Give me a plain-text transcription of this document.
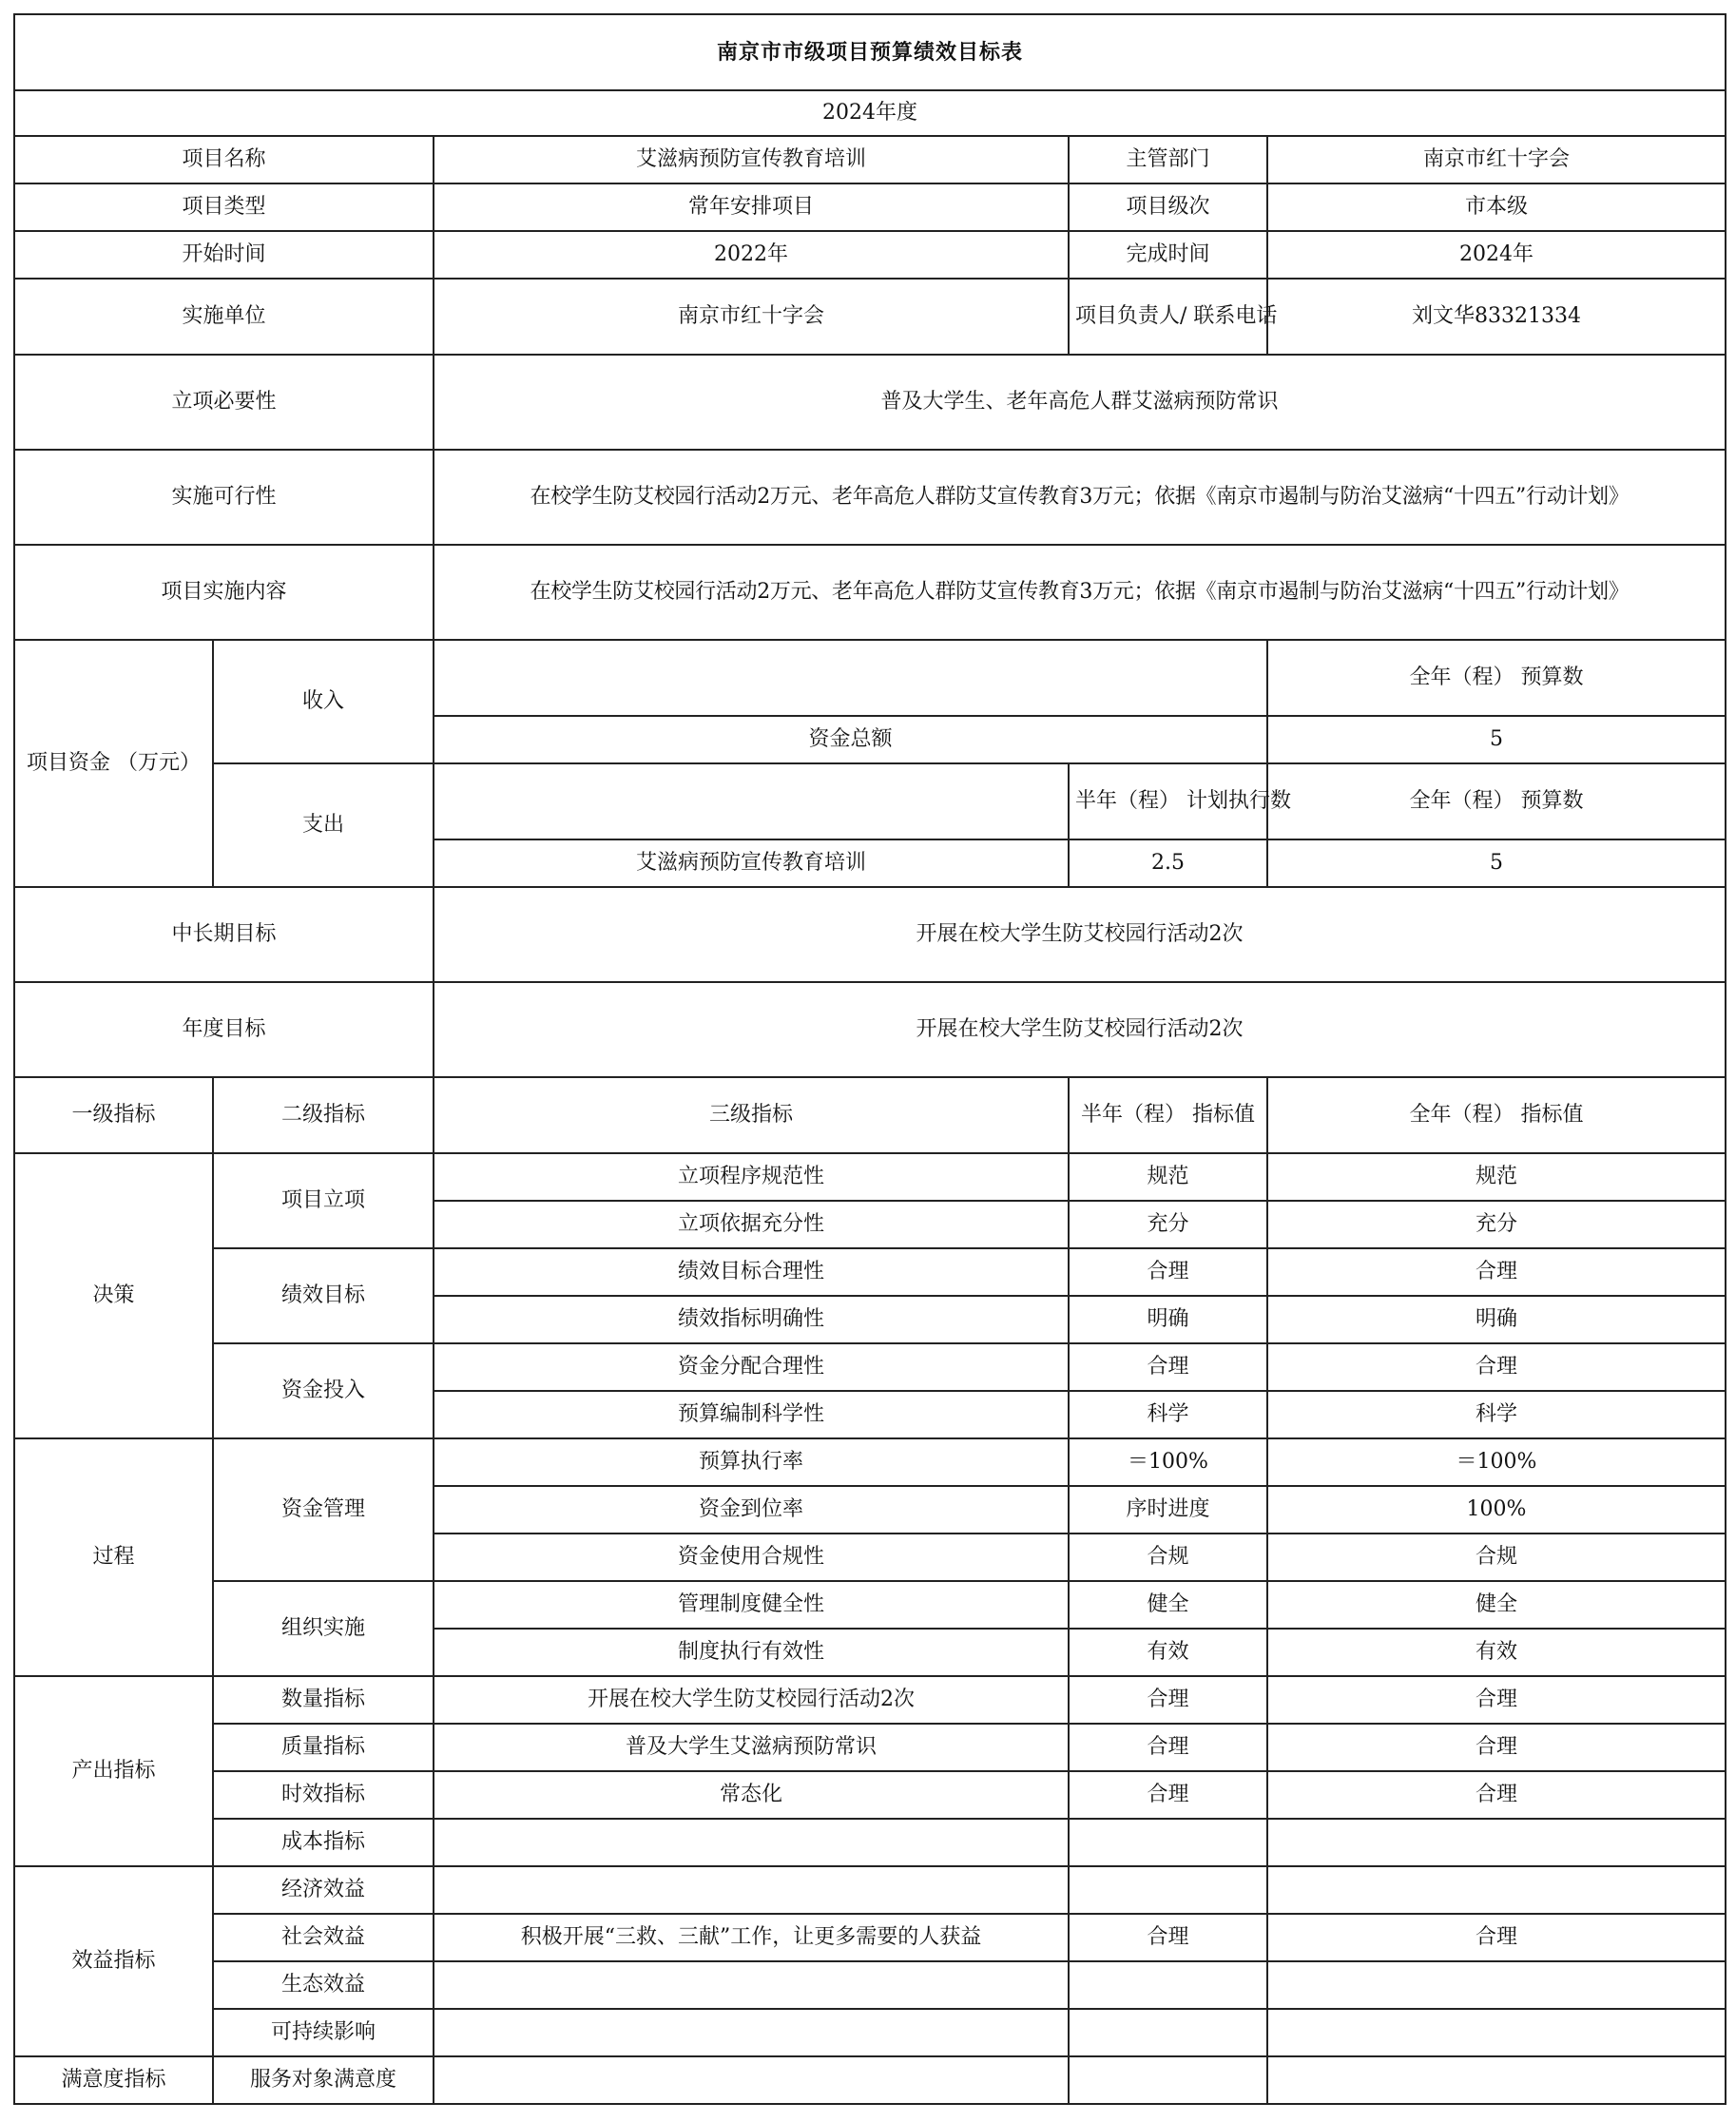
南京市市级项目预算绩效目标表				
2024年度				
项目名称		艾滋病预防宣传教育培训	主管部门	南京市红十字会
项目类型		常年安排项目	项目级次	市本级
开始时间		2022年	完成时间	2024年
实施单位		南京市红十字会	项目负责人/ 联系电话	刘文华83321334
立项必要性		普及大学生、老年高危人群艾滋病预防常识		
实施可行性		在校学生防艾校园行活动2万元、老年高危人群防艾宣传教育3万元；依据《南京市遏制与防治艾滋病“十四五”行动计划》		
项目实施内容		在校学生防艾校园行活动2万元、老年高危人群防艾宣传教育3万元；依据《南京市遏制与防治艾滋病“十四五”行动计划》		
项目资金 （万元）	收入			全年（程） 预算数
		资金总额		5
	支出		半年（程） 计划执行数	全年（程） 预算数
		艾滋病预防宣传教育培训	2.5	5
中长期目标		开展在校大学生防艾校园行活动2次		
年度目标		开展在校大学生防艾校园行活动2次		
一级指标	二级指标	三级指标	半年（程） 指标值	全年（程） 指标值
决策	项目立项	立项程序规范性	规范	规范
		立项依据充分性	充分	充分
	绩效目标	绩效目标合理性	合理	合理
		绩效指标明确性	明确	明确
	资金投入	资金分配合理性	合理	合理
		预算编制科学性	科学	科学
过程	资金管理	预算执行率	＝100%	＝100%
		资金到位率	序时进度	100%
		资金使用合规性	合规	合规
	组织实施	管理制度健全性	健全	健全
		制度执行有效性	有效	有效
产出指标	数量指标	开展在校大学生防艾校园行活动2次	合理	合理
	质量指标	普及大学生艾滋病预防常识	合理	合理
	时效指标	常态化	合理	合理
	成本指标			
效益指标	经济效益			
	社会效益	积极开展“三救、三献”工作，让更多需要的人获益	合理	合理
	生态效益			
	可持续影响			
满意度指标	服务对象满意度			
